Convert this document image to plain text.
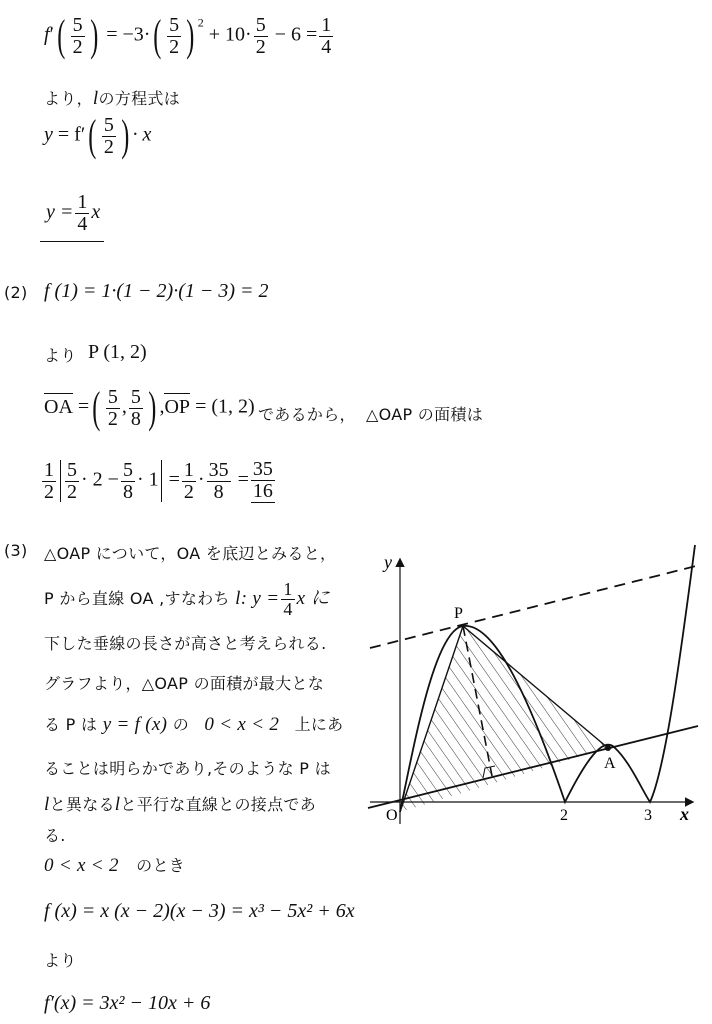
$f'( \frac{5}{2}$ ) = $-3\cdot( \frac{5}{2}$ ) $^2 + 10\cdot \frac{5}{2} - 6 = \frac{1}{4}$
より，lの方程式は
$y = f'( \frac{5}{2}$ ) · x
$y = \frac{1}{4}$ x
(2) f (1) = 1·(1 − 2)·(1 − 3) = 2
より P (1, 2)
OA =( $\frac{5}{2}$ , $\frac{5}{8}$ ) ,OP = (1, 2) であるから， △OAP の面積は
$\frac{1}{2} \frac{5}{2} \cdot 2 - \frac{5}{8} \cdot 1 = \frac{1}{2} \cdot \frac{35}{8} = \frac{35}{16}$
(3) △OAP について，OA を底辺とみると，
P から直線 OA ,すなわち l: $y = \frac{1}{4}$ x に
下した垂線の長さが高さと考えられる.
グラフより，△OAP の面積が最大とな
る P は y = f (x) の 0 < x < 2 上にあ
ることは明らかであり,そのような P は
lと異なるlと平行な直線との接点であ
る.
0 < x < 2 のとき
f (x) = x (x − 2)(x − 3) = x³ − 5x² + 6x
より
f′(x) = 3x² − 10x + 6
y
x
O	2	3
P
A
